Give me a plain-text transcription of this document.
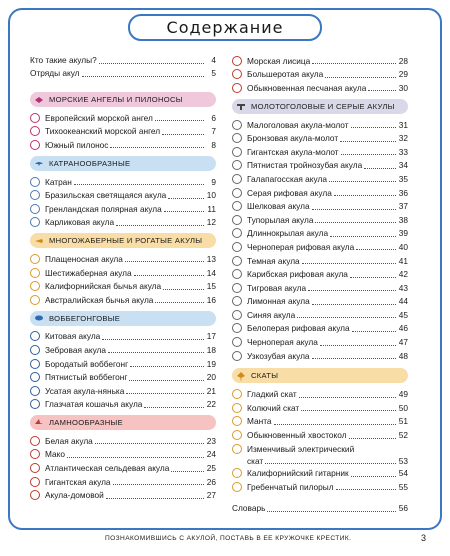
Содержание
Кто такие акулы?	4
Отряды акул	5
МОРСКИЕ АНГЕЛЫ И ПИЛОНОСЫ
Европейский морской ангел	6
Тихоокеанский морской ангел	7
Южный пилонос	8
КАТРАНООБРАЗНЫЕ
Катран	9
Бразильская светящаяся акула	10
Гренландская полярная акула	11
Карликовая акула	12
МНОГОЖАБЕРНЫЕ И РОГАТЫЕ АКУЛЫ
Плащеносная акула	13
Шестижаберная акула	14
Калифорнийская бычья акула	15
Австралийская бычья акула	16
ВОББЕГОНГОВЫЕ
Китовая акула	17
Зебровая акула	18
Бородатый воббегонг	19
Пятнистый воббегонг	20
Усатая акула-нянька	21
Глазчатая кошачья акула	22
ЛАМНООБРАЗНЫЕ
Белая акула	23
Мако	24
Атлантическая сельдевая акула	25
Гигантская акула	26
Акула-домовой	27
Морская лисица	28
Большеротая акула	29
Обыкновенная песчаная акула	30
МОЛОТОГОЛОВЫЕ И СЕРЫЕ АКУЛЫ
Малоголовая акула-молот	31
Бронзовая акула-молот	32
Гигантская акула-молот	33
Пятнистая тройнозубая акула	34
Галапагосская акула	35
Серая рифовая акула	36
Шелковая акула	37
Тупорылая акула	38
Длиннокрылая акула	39
Черноперая рифовая акула	40
Темная акула	41
Карибская рифовая акула	42
Тигровая акула	43
Лимонная акула	44
Синяя акула	45
Белоперая рифовая акула	46
Черноперая акула	47
Узкозубая акула	48
СКАТЫ
Гладкий скат	49
Колючий скат	50
Манта	51
Обыкновенный хвостокол	52
Изменчивый электрический
скат	53
Калифорнийский гитарник	54
Гребенчатый пилорыл	55
Словарь	56
ПОЗНАКОМИВШИСЬ С АКУЛОЙ, ПОСТАВЬ В ЕЕ КРУЖОЧКЕ КРЕСТИК.	3
